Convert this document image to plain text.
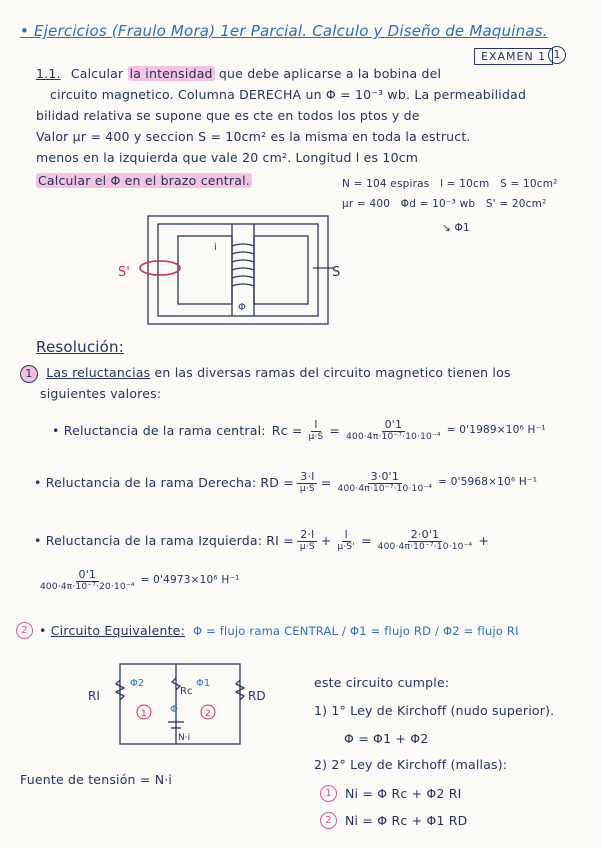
• Ejercicios (Fraulo Mora) 1er Parcial. Calculo y Diseño de Maquinas.
EXAMEN 1 1
1.1. Calcular la intensidad que debe aplicarse a la bobina del
circuito magnetico. Columna DERECHA un Φ = 10⁻³ wb. La permeabilidad
bilidad relativa se supone que es cte en todos los ptos y de
Valor μr = 400 y seccion S = 10cm² es la misma en toda la estruct.
menos en la izquierda que vale 20 cm². Longitud l es 10cm
Calcular el Φ en el brazo central.	N = 104 espiras l = 10cm S = 10cm²
μr = 400 Φd = 10⁻³ wb S' = 20cm²
↘ Φ1
S'	S
i
Φ
Resolución:
1 Las reluctancias en las diversas ramas del circuito magnetico tienen los
siguientes valores:
• Reluctancia de la rama central: $Rc = \frac{l}{\mu\cdot S} = \frac{0'1}{\text{400·4π·10⁻⁷·10·10⁻⁴}} = 0'1989\times 10^6$ H⁻¹
• Reluctancia de la rama Derecha: RD = $\frac{3\cdot l}{\mu\cdot S} = \frac{3\cdot 0'1}{\text{400·4π·10⁻⁷·10·10⁻⁴}} = 0'5968\times 10^6$ H⁻¹
• Reluctancia de la rama Izquierda: RI = $\frac{2\cdot l}{\mu\cdot S} + \frac{l}{\mu\cdot S'} = \frac{2\cdot 0'1}{\text{400·4π·10⁻⁷·10·10⁻⁴}}$ +
$\frac{0'1}{\text{400·4π·10⁻⁷·20·10⁻⁴}} = 0'4973\times 10^6$ H⁻¹
2 • Circuito Equivalente: Φ = flujo rama CENTRAL / Φ1 = flujo RD / Φ2 = flujo RI
Φ2	Φ1
Φ
RI	Rc	RD
N·i
1	2
Fuente de tensión = N·i
este circuito cumple:
1) 1° Ley de Kirchoff (nudo superior).
Φ = Φ1 + Φ2
2) 2° Ley de Kirchoff (mallas):
1	Ni = Φ Rc + Φ2 RI
2	Ni = Φ Rc + Φ1 RD
